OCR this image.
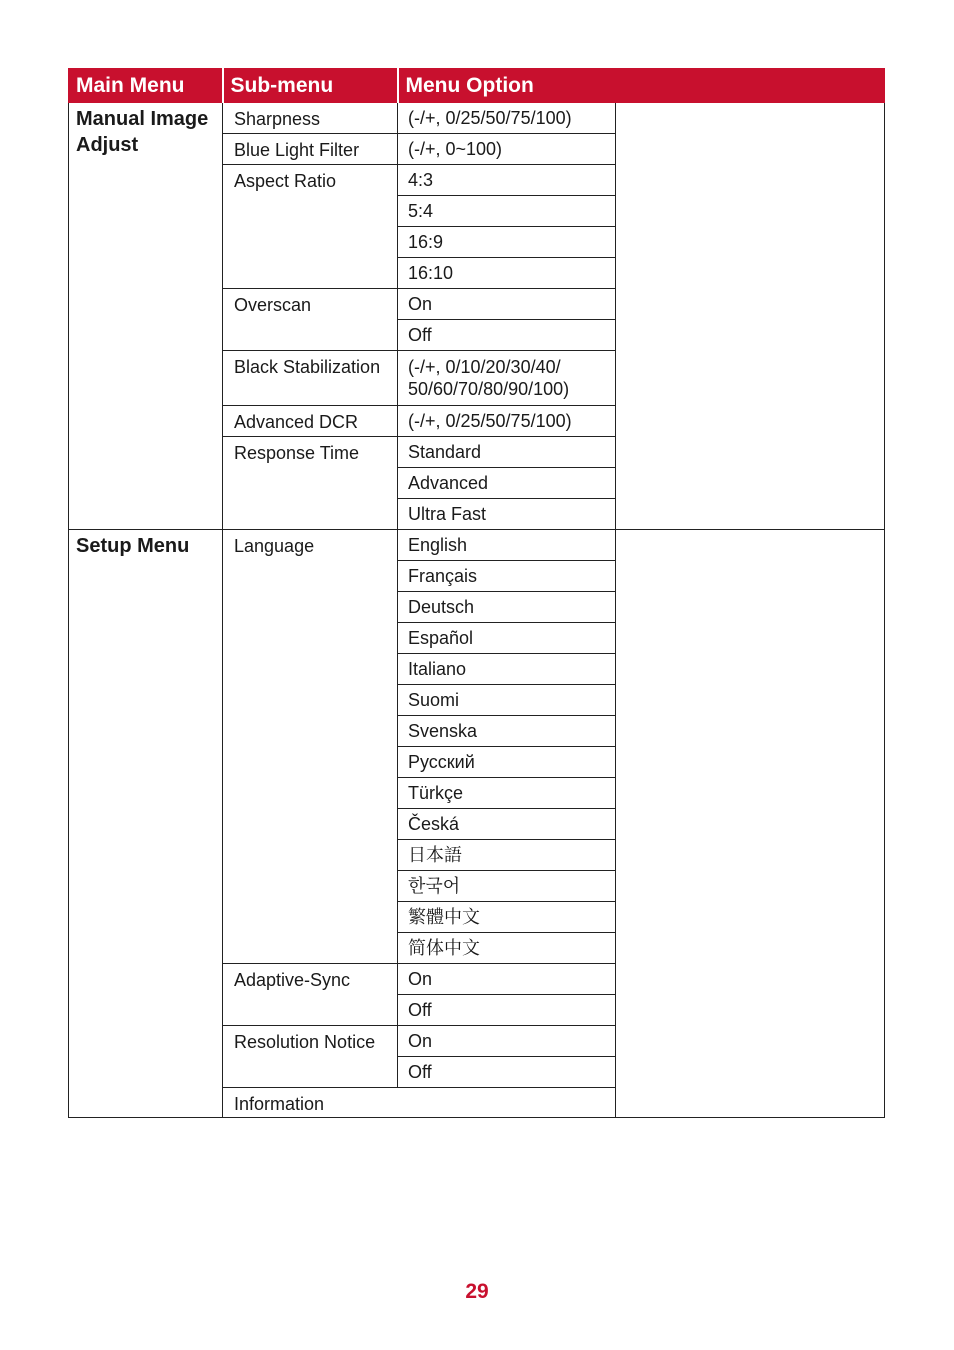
Main Menu	Sub-menu	Menu Option	
Manual Image Adjust	Sharpness	(-/+, 0/25/50/75/100)	
	Blue Light Filter	(-/+, 0~100)	
	Aspect Ratio	4:3	
		5:4	
		16:9	
		16:10	
	Overscan	On	
		Off	
	Black Stabilization	(-/+, 0/10/20/30/40/ 50/60/70/80/90/100)	
	Advanced DCR	(-/+, 0/25/50/75/100)	
	Response Time	Standard	
		Advanced	
		Ultra Fast	
Setup Menu	Language	English	
		Français	
		Deutsch	
		Español	
		Italiano	
		Suomi	
		Svenska	
		Русский	
		Türkçe	
		Česká	
		日本語	
		한국어	
		繁體中文	
		简体中文	
	Adaptive-Sync	On	
		Off	
	Resolution Notice	On	
		Off	
	Information		
29
